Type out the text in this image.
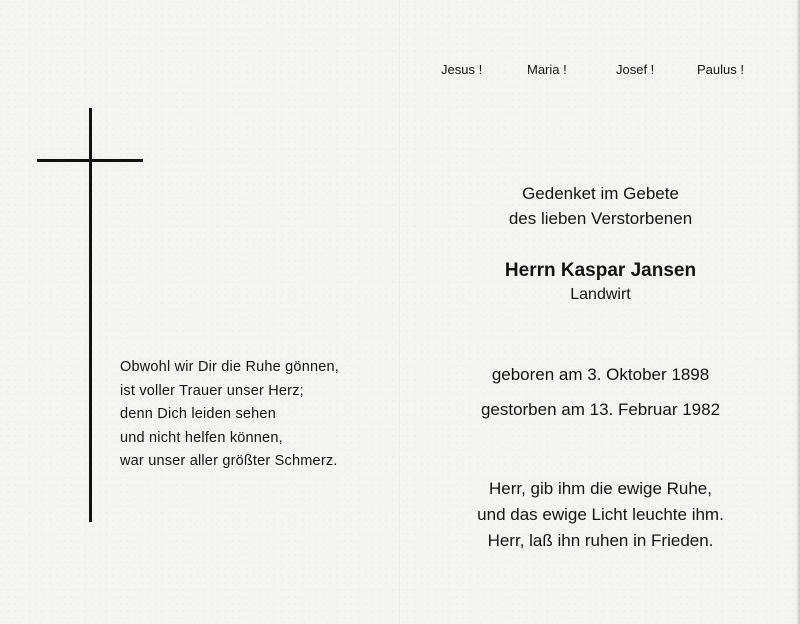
Obwohl wir Dir die Ruhe gönnen,
ist voller Trauer unser Herz;
denn Dich leiden sehen
und nicht helfen können,
war unser aller größter Schmerz.
Jesus !	Maria !	Josef !	Paulus !
Gedenket im Gebete
des lieben Verstorbenen
Herrn Kaspar Jansen
Landwirt
geboren am 3. Oktober 1898
gestorben am 13. Februar 1982
Herr, gib ihm die ewige Ruhe,
und das ewige Licht leuchte ihm.
Herr, laß ihn ruhen in Frieden.
